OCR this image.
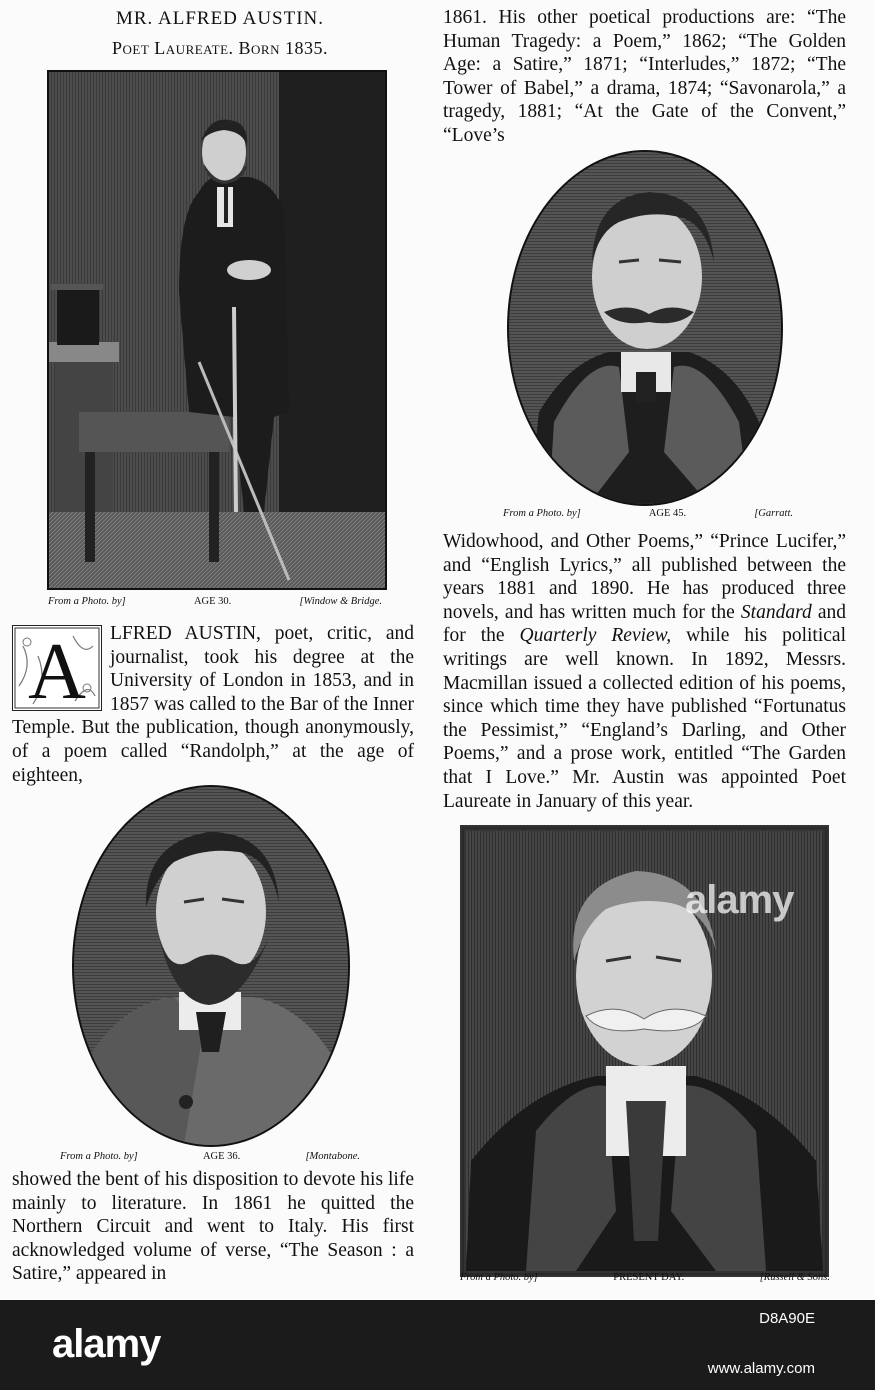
MR. ALFRED AUSTIN.
Poet Laureate. Born 1835.
From a Photo. by]	AGE 30.	[Window & Bridge.
From a Photo. by]	AGE 45.	[Garratt.
From a Photo. by]	AGE 36.	[Montabone.
From a Photo. by]	PRESENT DAY.	[Russell & Sons.
A	LFRED AUSTIN, poet, critic, and journalist, took his degree at the University of London in 1853, and in 1857 was called to the Bar of the Inner Temple. But the publication, though anonymously, of a poem called “Randolph,” at the age of eighteen,

showed the bent of his disposition to devote his life mainly to literature. In 1861 he quitted the Northern Circuit and went to Italy. His first acknowledged volume of verse, “The Season : a Satire,” appeared in

1861. His other poetical productions are: “The Human Tragedy: a Poem,” 1862; “The Golden Age: a Satire,” 1871; “Interludes,” 1872; “The Tower of Babel,” a drama, 1874; “Savonarola,” a tragedy, 1881; “At the Gate of the Convent,” “Love’s

Widowhood, and Other Poems,” “Prince Lucifer,” and “English Lyrics,” all published between the years 1881 and 1890. He has produced three novels, and has written much for the Standard and for the Quarterly Review, while his political writings are well known. In 1892, Messrs. Macmillan issued a collected edition of his poems, since which time they have published “Fortunatus the Pessimist,” “England’s Darling, and Other Poems,” and a prose work, entitled “The Garden that I Love.” Mr. Austin was appointed Poet Laureate in January of this year.

alamy
alamy
D8A90E
www.alamy.com
